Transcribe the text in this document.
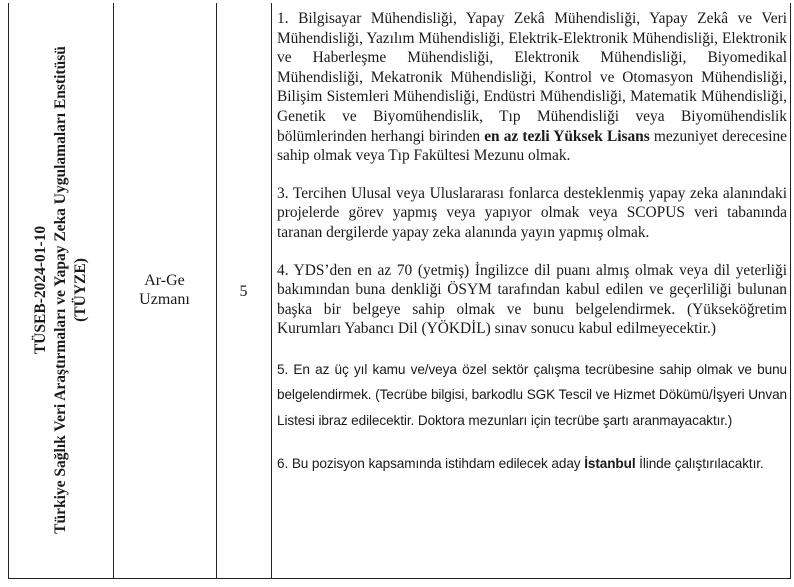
TÜSEB-2024-01-10 Türkiye Sağlık Veri Araştırmaları ve Yapay Zeka Uygulamaları Enstitüsü (TÜYZE)	Ar-Ge
Uzmanı	5

1. Bilgisayar Mühendisliği, Yapay Zekâ Mühendisliği, Yapay Zekâ ve Veri Mühendisliği, Yazılım Mühendisliği, Elektrik-Elektronik Mühendisliği, Elektronik ve Haberleşme Mühendisliği, Elektronik Mühendisliği, Biyomedikal Mühendisliği, Mekatronik Mühendisliği, Kontrol ve Otomasyon Mühendisliği, Bilişim Sistemleri Mühendisliği, Endüstri Mühendisliği, Matematik Mühendisliği, Genetik ve Biyomühendislik, Tıp Mühendisliği veya Biyomühendislik bölümlerinden herhangi birinden en az tezli Yüksek Lisans mezuniyet derecesine sahip olmak veya Tıp Fakültesi Mezunu olmak.

3. Tercihen Ulusal veya Uluslararası fonlarca desteklenmiş yapay zeka alanındaki projelerde görev yapmış veya yapıyor olmak veya SCOPUS veri tabanında taranan dergilerde yapay zeka alanında yayın yapmış olmak.

4. YDS’den en az 70 (yetmiş) İngilizce dil puanı almış olmak veya dil yeterliği bakımından buna denkliği ÖSYM tarafından kabul edilen ve geçerliliği bulunan başka bir belgeye sahip olmak ve bunu belgelendirmek. (Yükseköğretim Kurumları Yabancı Dil (YÖKDİL) sınav sonucu kabul edilmeyecektir.)

5. En az üç yıl kamu ve/veya özel sektör çalışma tecrübesine sahip olmak ve bunu belgelendirmek. (Tecrübe bilgisi, barkodlu SGK Tescil ve Hizmet Dökümü/İşyeri Unvan Listesi ibraz edilecektir. Doktora mezunları için tecrübe şartı aranmayacaktır.)

6. Bu pozisyon kapsamında istihdam edilecek aday İstanbul İlinde çalıştırılacaktır.
